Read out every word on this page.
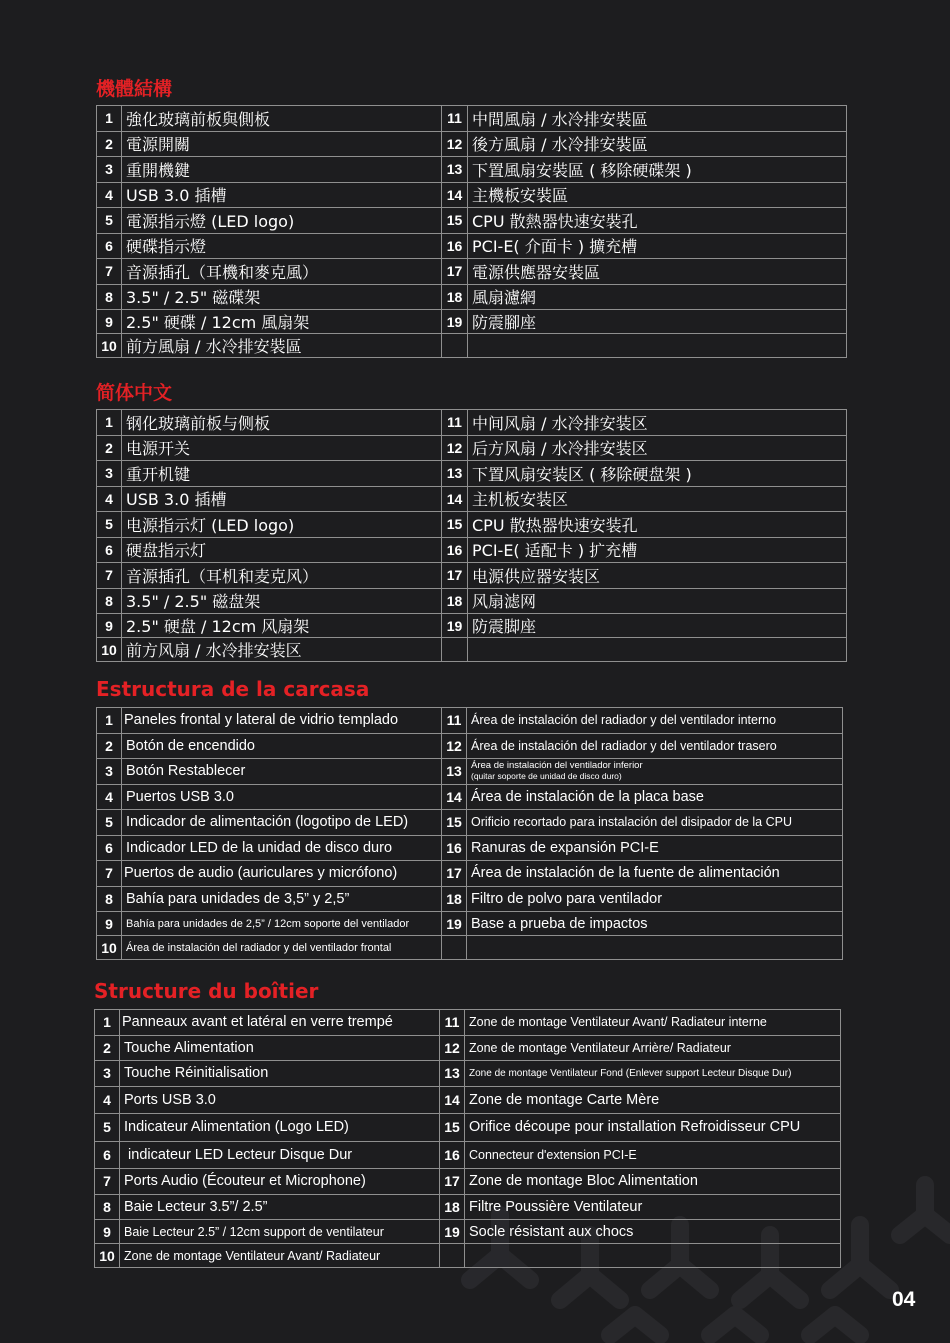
機體結構
1	強化玻璃前板與側板	11	中間風扇 / 水冷排安裝區
2	電源開關	12	後方風扇 / 水冷排安裝區
3	重開機鍵	13	下置風扇安裝區 ( 移除硬碟架 )
4	USB 3.0 插槽	14	主機板安裝區
5	電源指示燈 (LED logo)	15	CPU 散熱器快速安裝孔
6	硬碟指示燈	16	PCI-E( 介面卡 ) 擴充槽
7	音源插孔（耳機和麥克風）	17	電源供應器安裝區
8	3.5" / 2.5" 磁碟架	18	風扇濾網
9	2.5" 硬碟 / 12cm 風扇架	19	防震腳座
10	前方風扇 / 水冷排安裝區		
简体中文
1	钢化玻璃前板与侧板	11	中间风扇 / 水冷排安装区
2	电源开关	12	后方风扇 / 水冷排安装区
3	重开机键	13	下置风扇安装区 ( 移除硬盘架 )
4	USB 3.0 插槽	14	主机板安装区
5	电源指示灯 (LED logo)	15	CPU 散热器快速安装孔
6	硬盘指示灯	16	PCI-E( 适配卡 ) 扩充槽
7	音源插孔（耳机和麦克风）	17	电源供应器安装区
8	3.5" / 2.5" 磁盘架	18	风扇滤网
9	2.5" 硬盘 / 12cm 风扇架	19	防震脚座
10	前方风扇 / 水冷排安装区		
Estructura de la carcasa
1	Paneles frontal y lateral de vidrio templado	11	Área de instalación del radiador y del ventilador interno
2	Botón de encendido	12	Área de instalación del radiador y del ventilador trasero
3	Botón Restablecer	13	Área de instalación del ventilador inferior
(quitar soporte de unidad de disco duro)

4	Puertos USB 3.0	14	Área de instalación de la placa base
5	Indicador de alimentación (logotipo de LED)	15	Orificio recortado para instalación del disipador de la CPU
6	Indicador LED de la unidad de disco duro	16	Ranuras de expansión PCI-E
7	Puertos de audio (auriculares y micrófono)	17	Área de instalación de la fuente de alimentación
8	Bahía para unidades de 3,5” y 2,5”	18	Filtro de polvo para ventilador
9	Bahía para unidades de 2,5” / 12cm soporte del ventilador	19	Base a prueba de impactos
10	Área de instalación del radiador y del ventilador frontal		
Structure du boîtier
1	Panneaux avant et latéral en verre trempé	11	Zone de montage Ventilateur Avant/ Radiateur interne
2	Touche Alimentation	12	Zone de montage Ventilateur Arrière/ Radiateur
3	Touche Réinitialisation	13	Zone de montage Ventilateur Fond (Enlever support Lecteur Disque Dur)
4	Ports USB 3.0	14	Zone de montage Carte Mère
5	Indicateur Alimentation (Logo LED)	15	Orifice découpe pour installation Refroidisseur CPU
6	indicateur LED Lecteur Disque Dur	16	Connecteur d'extension PCI-E
7	Ports Audio (Écouteur et Microphone)	17	Zone de montage Bloc Alimentation
8	Baie Lecteur 3.5”/ 2.5”	18	Filtre Poussière Ventilateur
9	Baie Lecteur 2.5” / 12cm support de ventilateur	19	Socle résistant aux chocs
10	Zone de montage Ventilateur Avant/ Radiateur		
04
